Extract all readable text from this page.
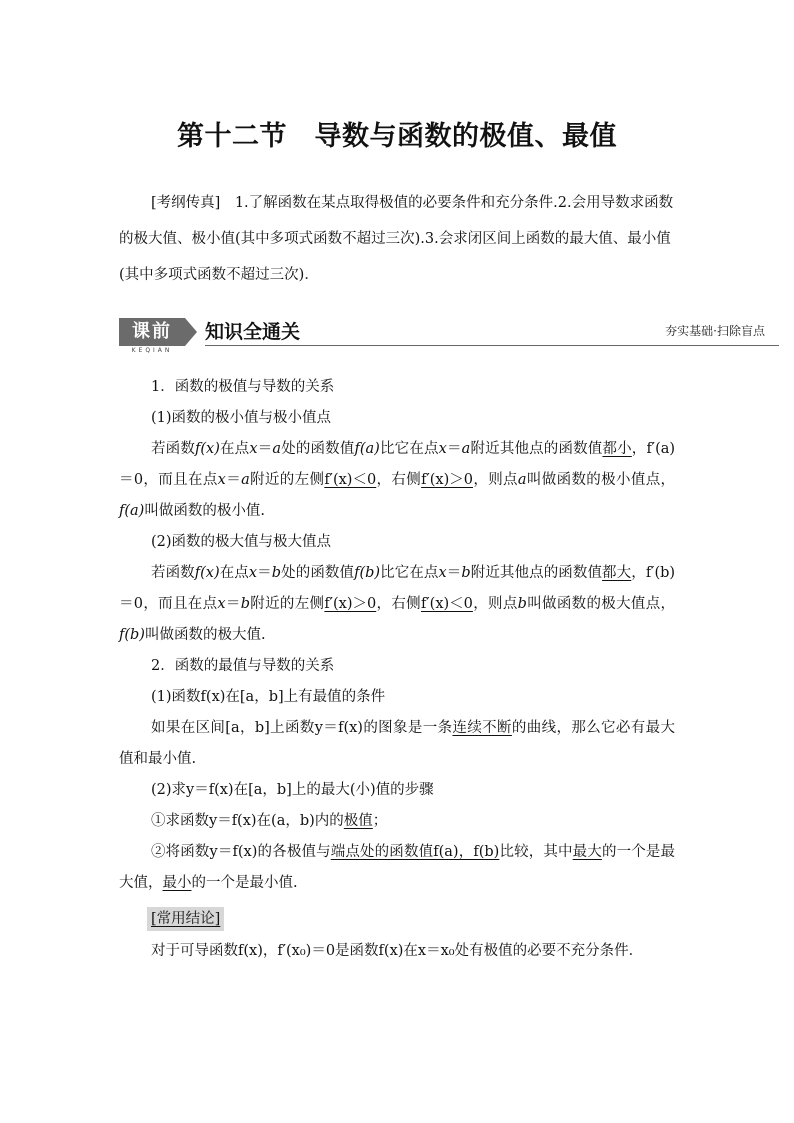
第十二节　导数与函数的极值、最值
[考纲传真]　1.了解函数在某点取得极值的必要条件和充分条件.2.会用导数求函数的极大值、极小值(其中多项式函数不超过三次).3.会求闭区间上函数的最大值、最小值(其中多项式函数不超过三次)．
课前
KEQIAN
知识全通关	夯实基础·扫除盲点

1．函数的极值与导数的关系

(1)函数的极小值与极小值点

若函数f(x)在点x＝a处的函数值f(a)比它在点x＝a附近其他点的函数值都小，f′(a)＝0，而且在点x＝a附近的左侧f′(x)＜0，右侧f′(x)＞0，则点a叫做函数的极小值点，f(a)叫做函数的极小值.

(2)函数的极大值与极大值点

若函数f(x)在点x＝b处的函数值f(b)比它在点x＝b附近其他点的函数值都大，f′(b)＝0，而且在点x＝b附近的左侧f′(x)＞0，右侧f′(x)＜0，则点b叫做函数的极大值点，f(b)叫做函数的极大值.

2．函数的最值与导数的关系

(1)函数f(x)在[a，b]上有最值的条件

如果在区间[a，b]上函数y＝f(x)的图象是一条连续不断的曲线，那么它必有最大值和最小值.

(2)求y＝f(x)在[a，b]上的最大(小)值的步骤

①求函数y＝f(x)在(a，b)内的极值；

②将函数y＝f(x)的各极值与端点处的函数值f(a)，f(b)比较，其中最大的一个是最大值，最小的一个是最小值.

[常用结论]

对于可导函数f(x)，f′(x₀)＝0是函数f(x)在x＝x₀处有极值的必要不充分条件．
